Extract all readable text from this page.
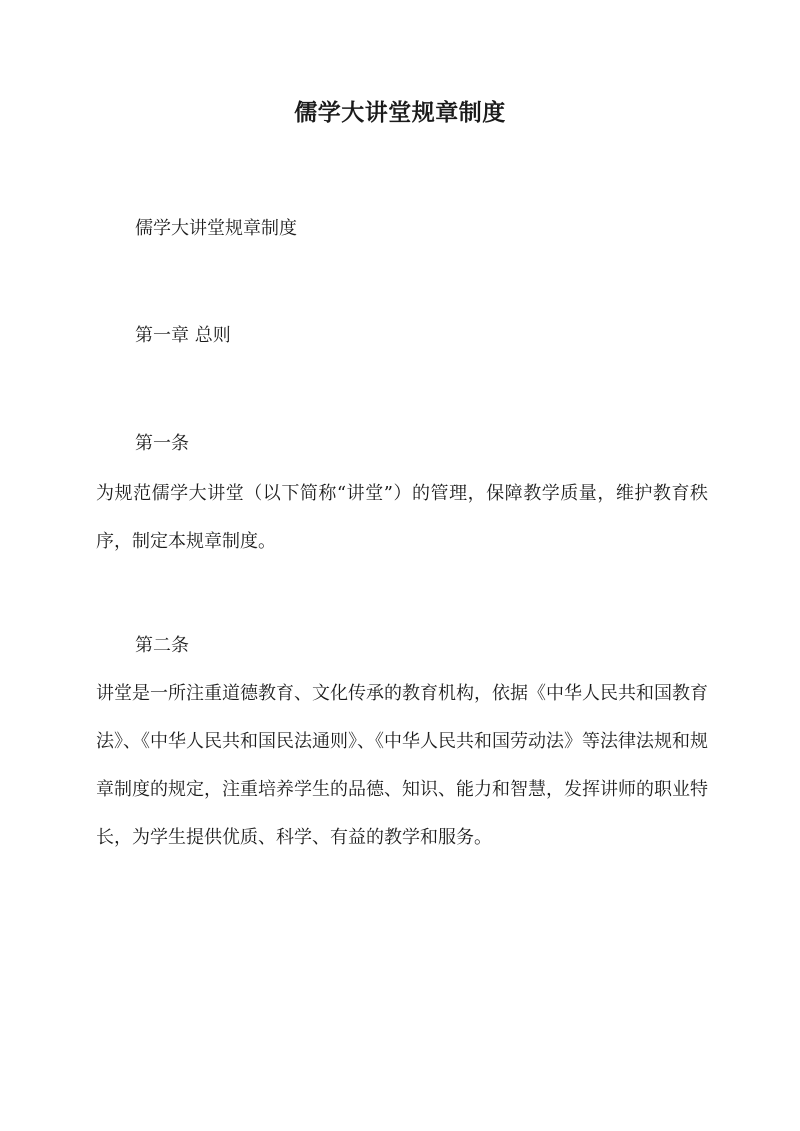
儒学大讲堂规章制度

儒学大讲堂规章制度

第一章 总则

第一条

为规范儒学大讲堂（以下简称“讲堂”）的管理，保障教学质量，维护教育秩序，制定本规章制度。

第二条

讲堂是一所注重道德教育、文化传承的教育机构，依据《中华人民共和国教育法》、《中华人民共和国民法通则》、《中华人民共和国劳动法》等法律法规和规章制度的规定，注重培养学生的品德、知识、能力和智慧，发挥讲师的职业特长，为学生提供优质、科学、有益的教学和服务。
